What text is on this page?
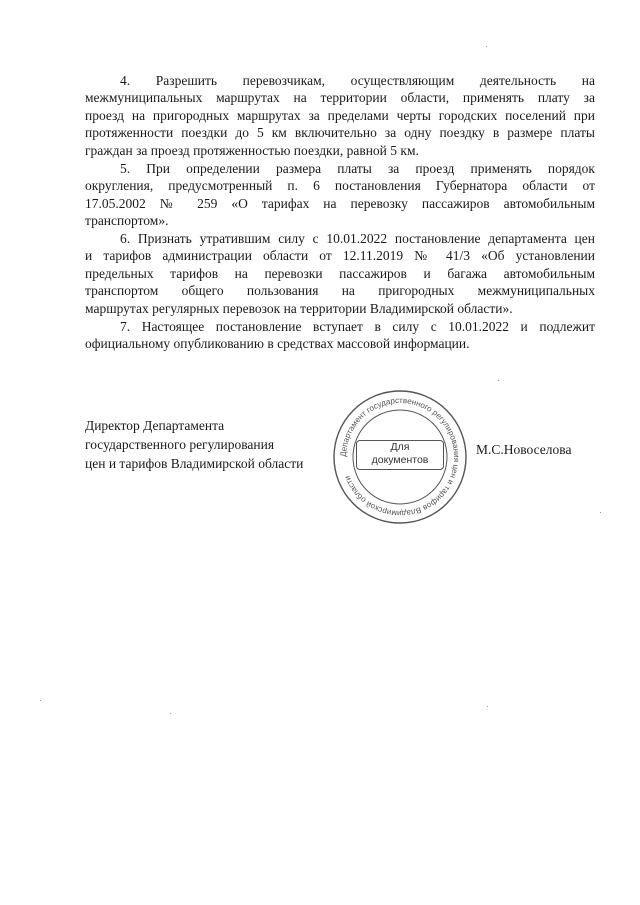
4. Разрешить перевозчикам, осуществляющим деятельность на
межмуниципальных маршрутах на территории области, применять плату за
проезд на пригородных маршрутах за пределами черты городских поселений при
протяженности поездки до 5 км включительно за одну поездку в размере платы
граждан за проезд протяженностью поездки, равной 5 км.
5. При определении размера платы за проезд применять порядок
округления, предусмотренный п. 6 постановления Губернатора области от
17.05.2002 № 259 «О тарифах на перевозку пассажиров автомобильным
транспортом».
6. Признать утратившим силу с 10.01.2022 постановление департамента цен
и тарифов администрации области от 12.11.2019 № 41/3 «Об установлении
предельных тарифов на перевозки пассажиров и багажа автомобильным
транспортом общего пользования на пригородных межмуниципальных
маршрутах регулярных перевозок на территории Владимирской области».
7. Настоящее постановление вступает в силу с 10.01.2022 и подлежит
официальному опубликованию в средствах массовой информации.
Директор Департамента
государственного регулирования
цен и тарифов Владимирской области
Департамент государственного регулирования цен и тарифов Владимирской области
Для
документов
М.С.Новоселова
